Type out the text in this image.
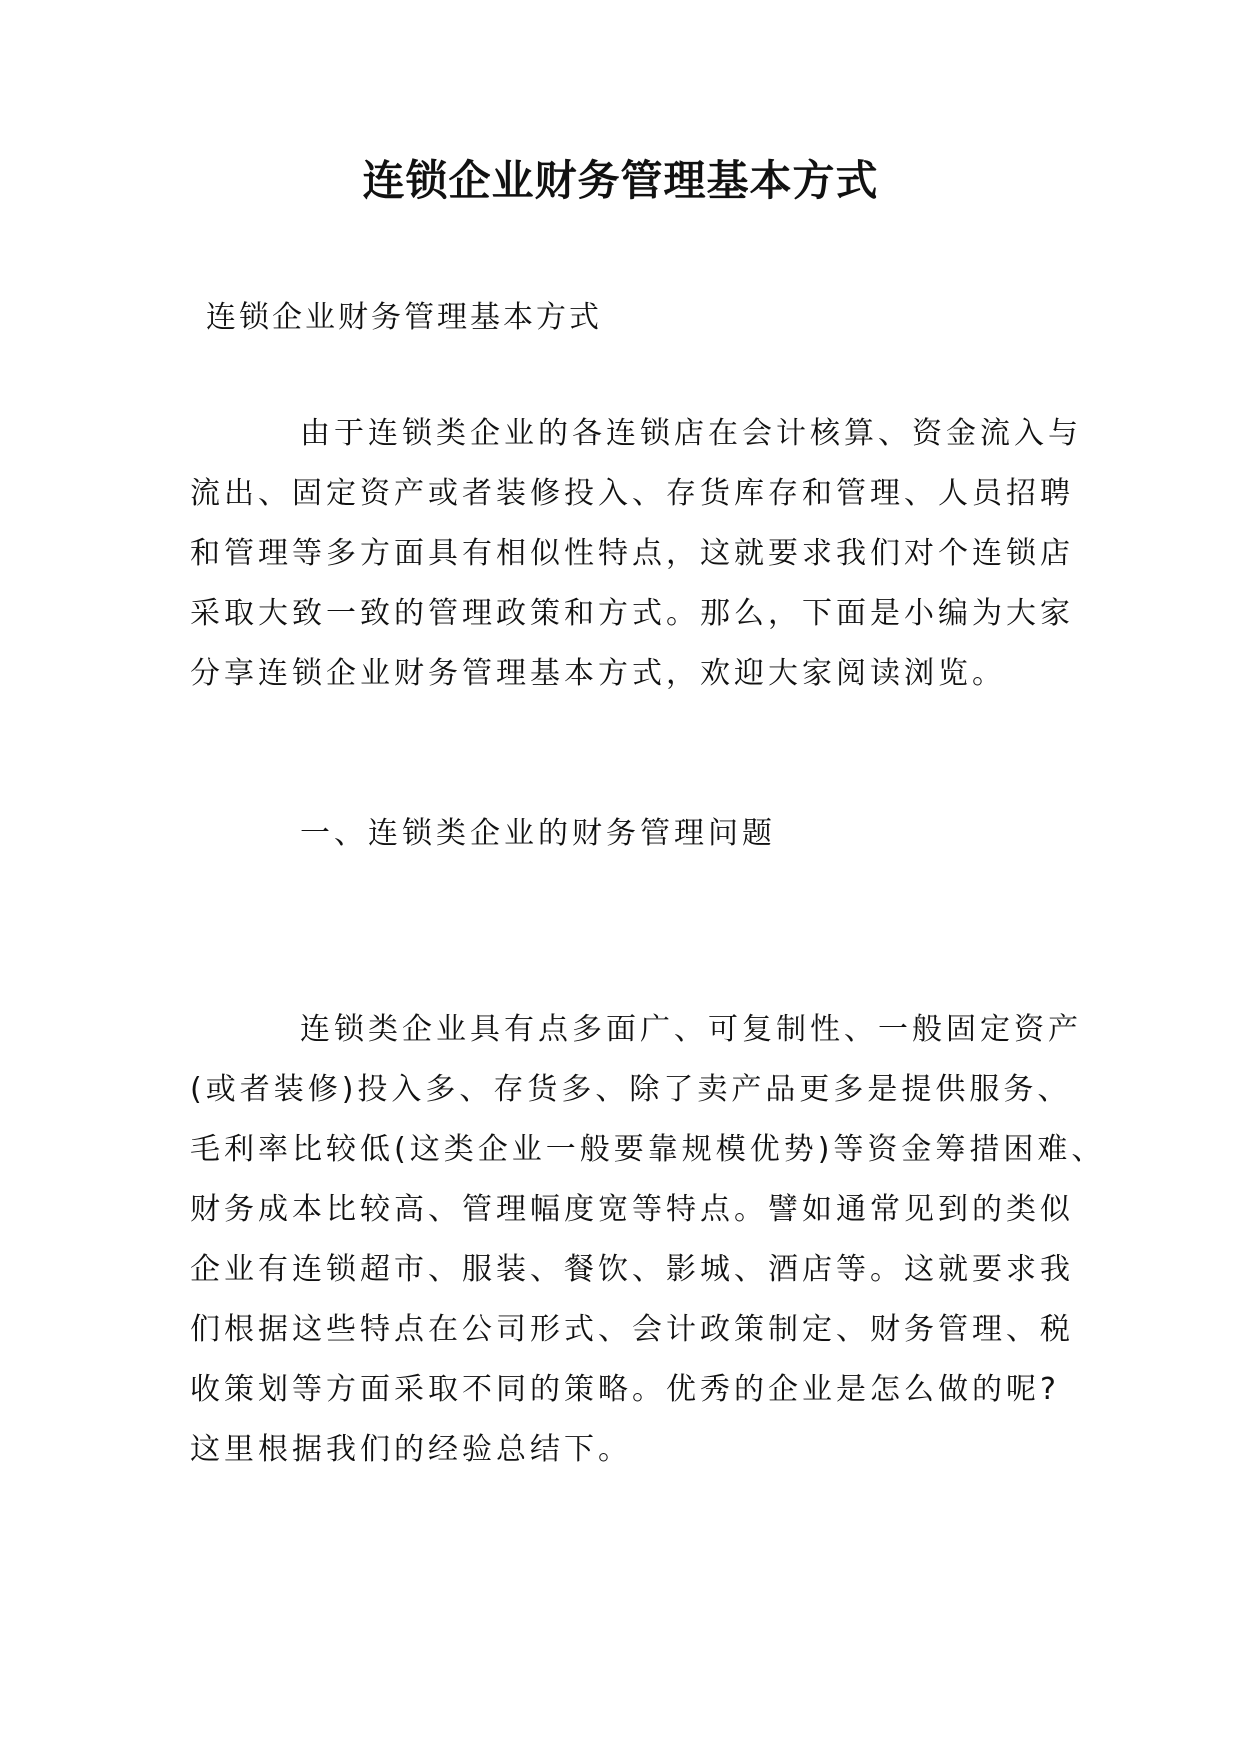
连锁企业财务管理基本方式
连锁企业财务管理基本方式

由于连锁类企业的各连锁店在会计核算、资金流入与
流出、固定资产或者装修投入、存货库存和管理、人员招聘
和管理等多方面具有相似性特点，这就要求我们对个连锁店
采取大致一致的管理政策和方式。那么，下面是小编为大家
分享连锁企业财务管理基本方式，欢迎大家阅读浏览。

一、连锁类企业的财务管理问题

连锁类企业具有点多面广、可复制性、一般固定资产
(或者装修)投入多、存货多、除了卖产品更多是提供服务、
毛利率比较低(这类企业一般要靠规模优势)等资金筹措困难、
财务成本比较高、管理幅度宽等特点。譬如通常见到的类似
企业有连锁超市、服装、餐饮、影城、酒店等。这就要求我
们根据这些特点在公司形式、会计政策制定、财务管理、税
收策划等方面采取不同的策略。优秀的企业是怎么做的呢?
这里根据我们的经验总结下。
